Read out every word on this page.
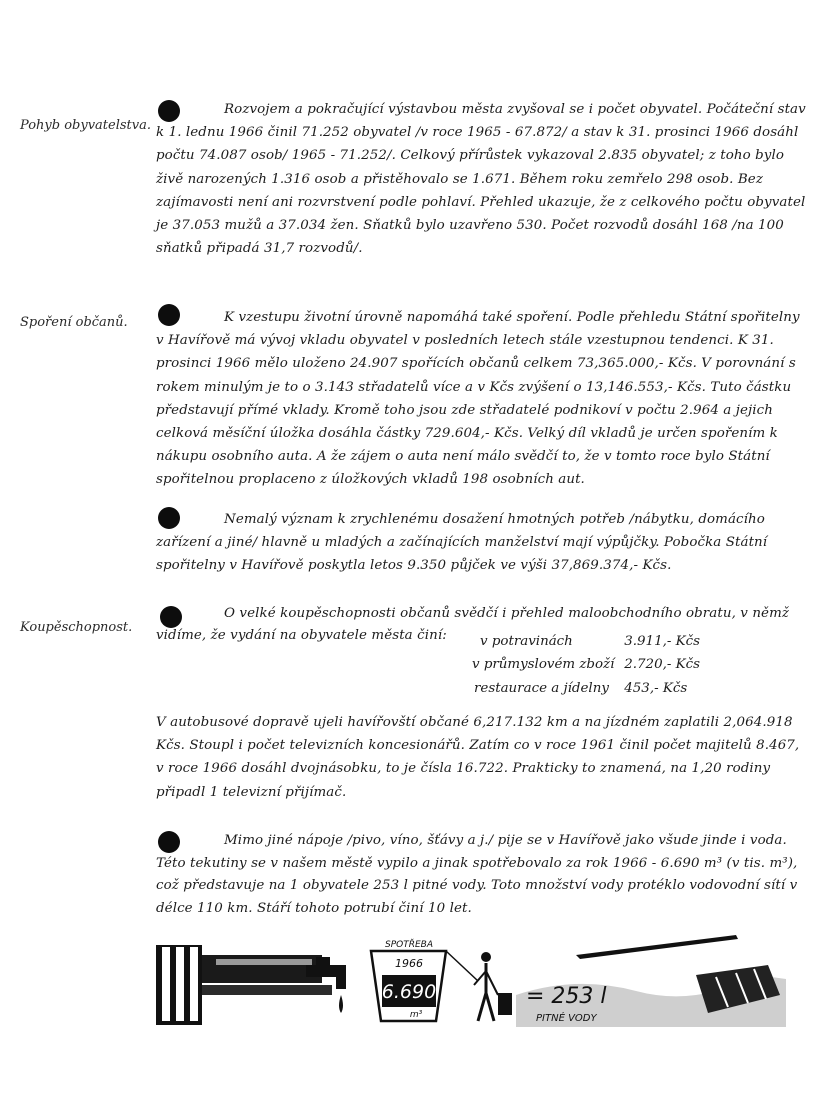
Pohyb obyvatelstva.
Rozvojem a pokračující výstavbou města zvyšoval se i počet obyvatel. Počáteční stav k 1. lednu 1966 činil 71.252 obyvatel /v roce 1965 - 67.872/ a stav k 31. prosinci 1966 dosáhl počtu 74.087 osob/ 1965 - 71.252/. Celkový přírůstek vykazoval 2.835 obyvatel; z toho bylo živě narozených 1.316 osob a přistěhovalo se 1.671. Během roku zemřelo 298 osob. Bez zajímavosti není ani rozvrstvení podle pohlaví. Přehled ukazuje, že z celkového počtu obyvatel je 37.053 mužů a 37.034 žen. Sňatků bylo uzavřeno 530. Počet rozvodů dosáhl 168 /na 100 sňatků připadá 31,7 rozvodů/.
Spoření občanů.	K vzestupu životní úrovně napomáhá také spoření. Podle přehledu Státní spořitelny v Havířově má vývoj vkladu obyvatel v posledních letech stále vzestupnou tendenci. K 31. prosinci 1966 mělo uloženo 24.907 spořících občanů celkem 73,365.000,- Kčs. V porovnání s rokem minulým je to o 3.143 střadatelů více a v Kčs zvýšení o 13,146.553,- Kčs. Tuto částku představují přímé vklady. Kromě toho jsou zde střadatelé podnikoví v počtu 2.964 a jejich celková měsíční úložka dosáhla částky 729.604,- Kčs. Velký díl vkladů je určen spořením k nákupu osobního auta. A že zájem o auta není málo svědčí to, že v tomto roce bylo Státní spořitelnou proplaceno z úložkových vkladů 198 osobních aut.
Nemalý význam k zrychlenému dosažení hmotných potřeb /nábytku, domácího zařízení a jiné/ hlavně u mladých a začínajících manželství mají výpůjčky. Pobočka Státní spořitelny v Havířově poskytla letos 9.350 půjček ve výši 37,869.374,- Kčs.
Koupěschopnost.
O velké koupěschopnosti občanů svědčí i přehled maloobchodního obratu, v němž vidíme, že vydání na obyvatele města činí:	v potravinách	3.911,- Kčs
v průmyslovém zboží 2.720,- Kčs
restaurace a jídelny 453,- Kčs
V autobusové dopravě ujeli havířovští občané 6,217.132 km a na jízdném zaplatili 2,064.918 Kčs. Stoupl i počet televizních koncesionářů. Zatím co v roce 1961 činil počet majitelů 8.467, v roce 1966 dosáhl dvojnásobku, to je čísla 16.722. Prakticky to znamená, na 1,20 rodiny připadl 1 televizní přijímač.
Mimo jiné nápoje /pivo, víno, šťávy a j./ pije se v Havířově jako všude jinde i voda. Této tekutiny se v našem městě vypilo a jinak spotřebovalo za rok 1966 - 6.690 m³ (v tis. m³), což představuje na 1 obyvatele 253 l pitné vody. Toto množství vody protéklo vodovodní sítí v délce 110 km. Stáří tohoto potrubí činí 10 let.
SPOTŘEBA
1966
6.690
m³
= 253 l
PITNÉ VODY
